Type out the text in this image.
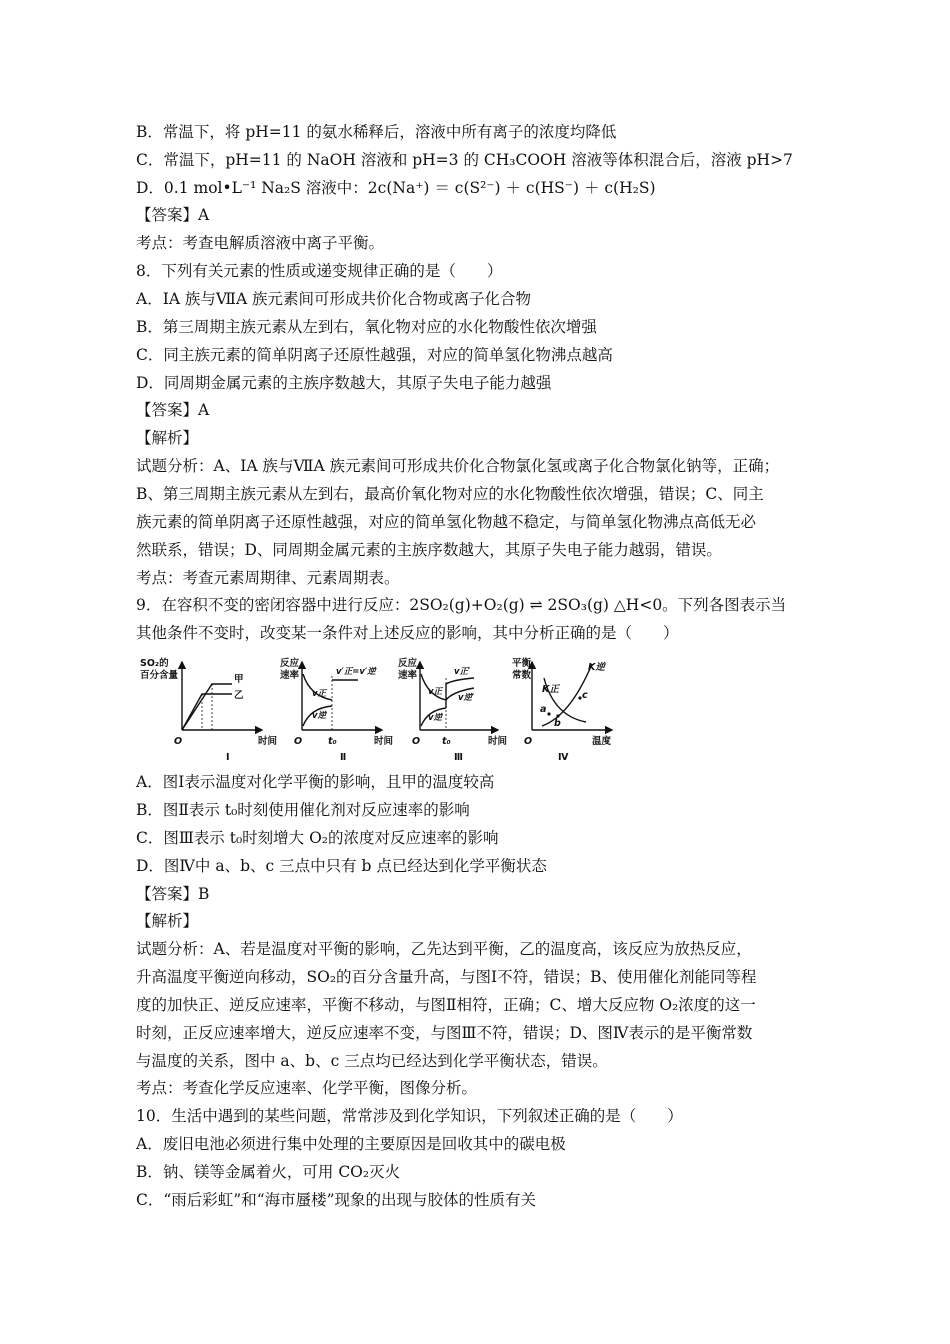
B．常温下，将 pH=11 的氨水稀释后，溶液中所有离子的浓度均降低
C．常温下，pH=11 的 NaOH 溶液和 pH=3 的 CH₃COOH 溶液等体积混合后，溶液 pH>7
D．0.1 mol•L⁻¹ Na₂S 溶液中：2c(Na⁺) ＝ c(S²⁻) ＋ c(HS⁻) ＋ c(H₂S)
【答案】A
考点：考查电解质溶液中离子平衡。
8．下列有关元素的性质或递变规律正确的是（　　）
A．ⅠA 族与ⅦA 族元素间可形成共价化合物或离子化合物
B．第三周期主族元素从左到右，氧化物对应的水化物酸性依次增强
C．同主族元素的简单阴离子还原性越强，对应的简单氢化物沸点越高
D．同周期金属元素的主族序数越大，其原子失电子能力越强
【答案】A
【解析】
试题分析：A、ⅠA 族与ⅦA 族元素间可形成共价化合物氯化氢或离子化合物氯化钠等，正确；
B、第三周期主族元素从左到右，最高价氧化物对应的水化物酸性依次增强，错误；C、同主
族元素的简单阴离子还原性越强，对应的简单氢化物越不稳定，与简单氢化物沸点高低无必
然联系，错误；D、同周期金属元素的主族序数越大，其原子失电子能力越弱，错误。
考点：考查元素周期律、元素周期表。
9．在容积不变的密闭容器中进行反应：2SO₂(g)+O₂(g) ⇌ 2SO₃(g) △H<0。下列各图表示当
其他条件不变时，改变某一条件对上述反应的影响，其中分析正确的是（　　）
SO₂的
百分含量	甲
乙
O	时间
Ⅰ
反应
速率	v′正=v′逆
v正
v逆
O	t₀	时间
Ⅱ
反应
速率	v正′
v逆′
v正
v逆
O t₀	时间
Ⅲ
平衡
常数
K正
K逆
a
b
c
O	温度
Ⅳ
A．图Ⅰ表示温度对化学平衡的影响，且甲的温度较高
B．图Ⅱ表示 t₀时刻使用催化剂对反应速率的影响
C．图Ⅲ表示 t₀时刻增大 O₂的浓度对反应速率的影响
D．图Ⅳ中 a、b、c 三点中只有 b 点已经达到化学平衡状态
【答案】B
【解析】
试题分析：A、若是温度对平衡的影响，乙先达到平衡，乙的温度高，该反应为放热反应，
升高温度平衡逆向移动，SO₂的百分含量升高，与图Ⅰ不符，错误；B、使用催化剂能同等程
度的加快正、逆反应速率，平衡不移动，与图Ⅱ相符，正确；C、增大反应物 O₂浓度的这一
时刻，正反应速率增大，逆反应速率不变，与图Ⅲ不符，错误；D、图Ⅳ表示的是平衡常数
与温度的关系，图中 a、b、c 三点均已经达到化学平衡状态，错误。
考点：考查化学反应速率、化学平衡，图像分析。
10．生活中遇到的某些问题，常常涉及到化学知识，下列叙述正确的是（　　）
A．废旧电池必须进行集中处理的主要原因是回收其中的碳电极
B．钠、镁等金属着火，可用 CO₂灭火
C．“雨后彩虹”和“海市蜃楼”现象的出现与胶体的性质有关
